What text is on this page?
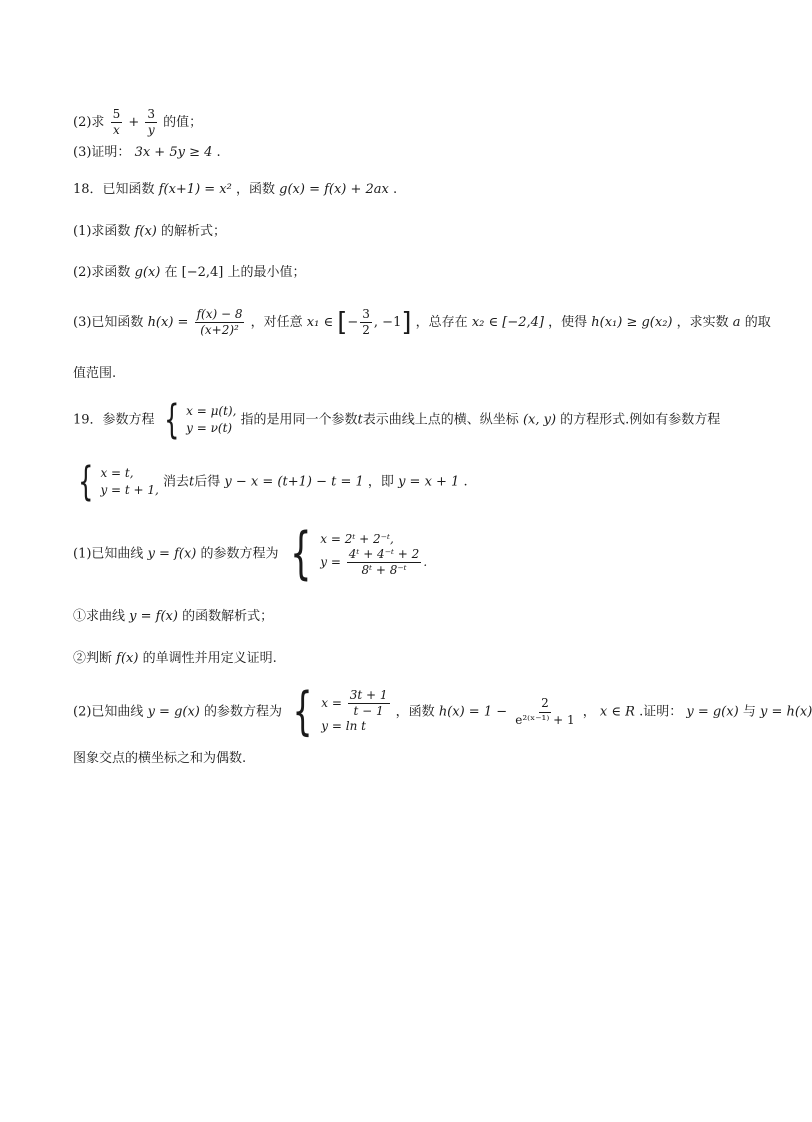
(2)求 $\frac{5}{x} + \frac{3}{y}$ 的值；
(3)证明： 3x + 5y ≥ 4 .
18．已知函数 f(x+1) = x² ，函数 g(x) = f(x) + 2ax .
(1)求函数 f(x) 的解析式；
(2)求函数 g(x) 在 [−2,4] 上的最小值；
(3)已知函数 $h(x) = \frac{f(x) - 8}{\text{(x+2)²}}$ ，对任意 x₁ ∈ [− $\frac{3}{2}$ , −1] ，总存在 x₂ ∈ [−2,4] ，使得 h(x₁) ≥ g(x₂) ，求实数 a 的取
值范围.
19．参数方程 { x = μ(t),
y = ν(t)
指的是用同一个参数t表示曲线上点的横、纵坐标 (x, y) 的方程形式.例如有参数方程
{ x = t,
y = t + 1,
消去t后得 y − x = (t+1) − t = 1 ，即 y = x + 1 .
(1)已知曲线 y = f(x) 的参数方程为 { x = 2ᵗ + 2⁻ᵗ,
$y = \frac{\text{4ᵗ + 4⁻ᵗ + 2}}{\text{8ᵗ + 8⁻ᵗ}}$ .
①求曲线 y = f(x) 的函数解析式；
②判断 f(x) 的单调性并用定义证明.
(2)已知曲线 y = g(x) 的参数方程为 { $x = \frac{3t + 1}{t - 1}$
y = ln t
，函数 $h(x) = 1 - \frac{2}{\text{e²⁽ˣ⁻¹⁾ + 1}}$ ， x ∈ R .证明： y = g(x) 与 y = h(x)
图象交点的横坐标之和为偶数.
